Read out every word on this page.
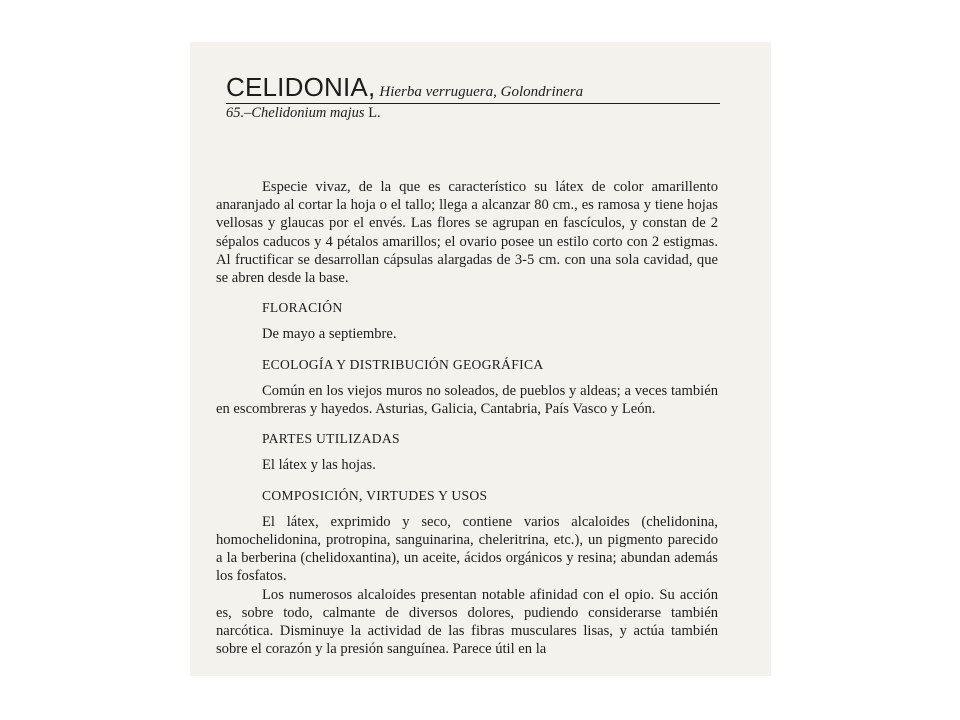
CELIDONIA, Hierba verruguera, Golondrinera
65.–Chelidonium majus L.

Especie vivaz, de la que es característico su látex de color amarillento anaranjado al cortar la hoja o el tallo; llega a alcanzar 80 cm., es ramosa y tiene hojas vellosas y glaucas por el envés. Las flores se agrupan en fascículos, y constan de 2 sépalos caducos y 4 pétalos amarillos; el ovario posee un estilo corto con 2 estigmas. Al fructificar se desarrollan cápsulas alargadas de 3-5 cm. con una sola cavidad, que se abren desde la base.

FLORACIÓN

De mayo a septiembre.

ECOLOGÍA Y DISTRIBUCIÓN GEOGRÁFICA

Común en los viejos muros no soleados, de pueblos y aldeas; a veces también en escombreras y hayedos. Asturias, Galicia, Cantabria, País Vasco y León.

PARTES UTILIZADAS

El látex y las hojas.

COMPOSICIÓN, VIRTUDES Y USOS

El látex, exprimido y seco, contiene varios alcaloides (chelidonina, homochelidonina, protropina, sanguinarina, cheleritrina, etc.), un pigmento parecido a la berberina (chelidoxantina), un aceite, ácidos orgánicos y resina; abundan además los fosfatos.

Los numerosos alcaloides presentan notable afinidad con el opio. Su acción es, sobre todo, calmante de diversos dolores, pudiendo considerarse también narcótica. Disminuye la actividad de las fibras musculares lisas, y actúa también sobre el corazón y la presión sanguínea. Parece útil en la
